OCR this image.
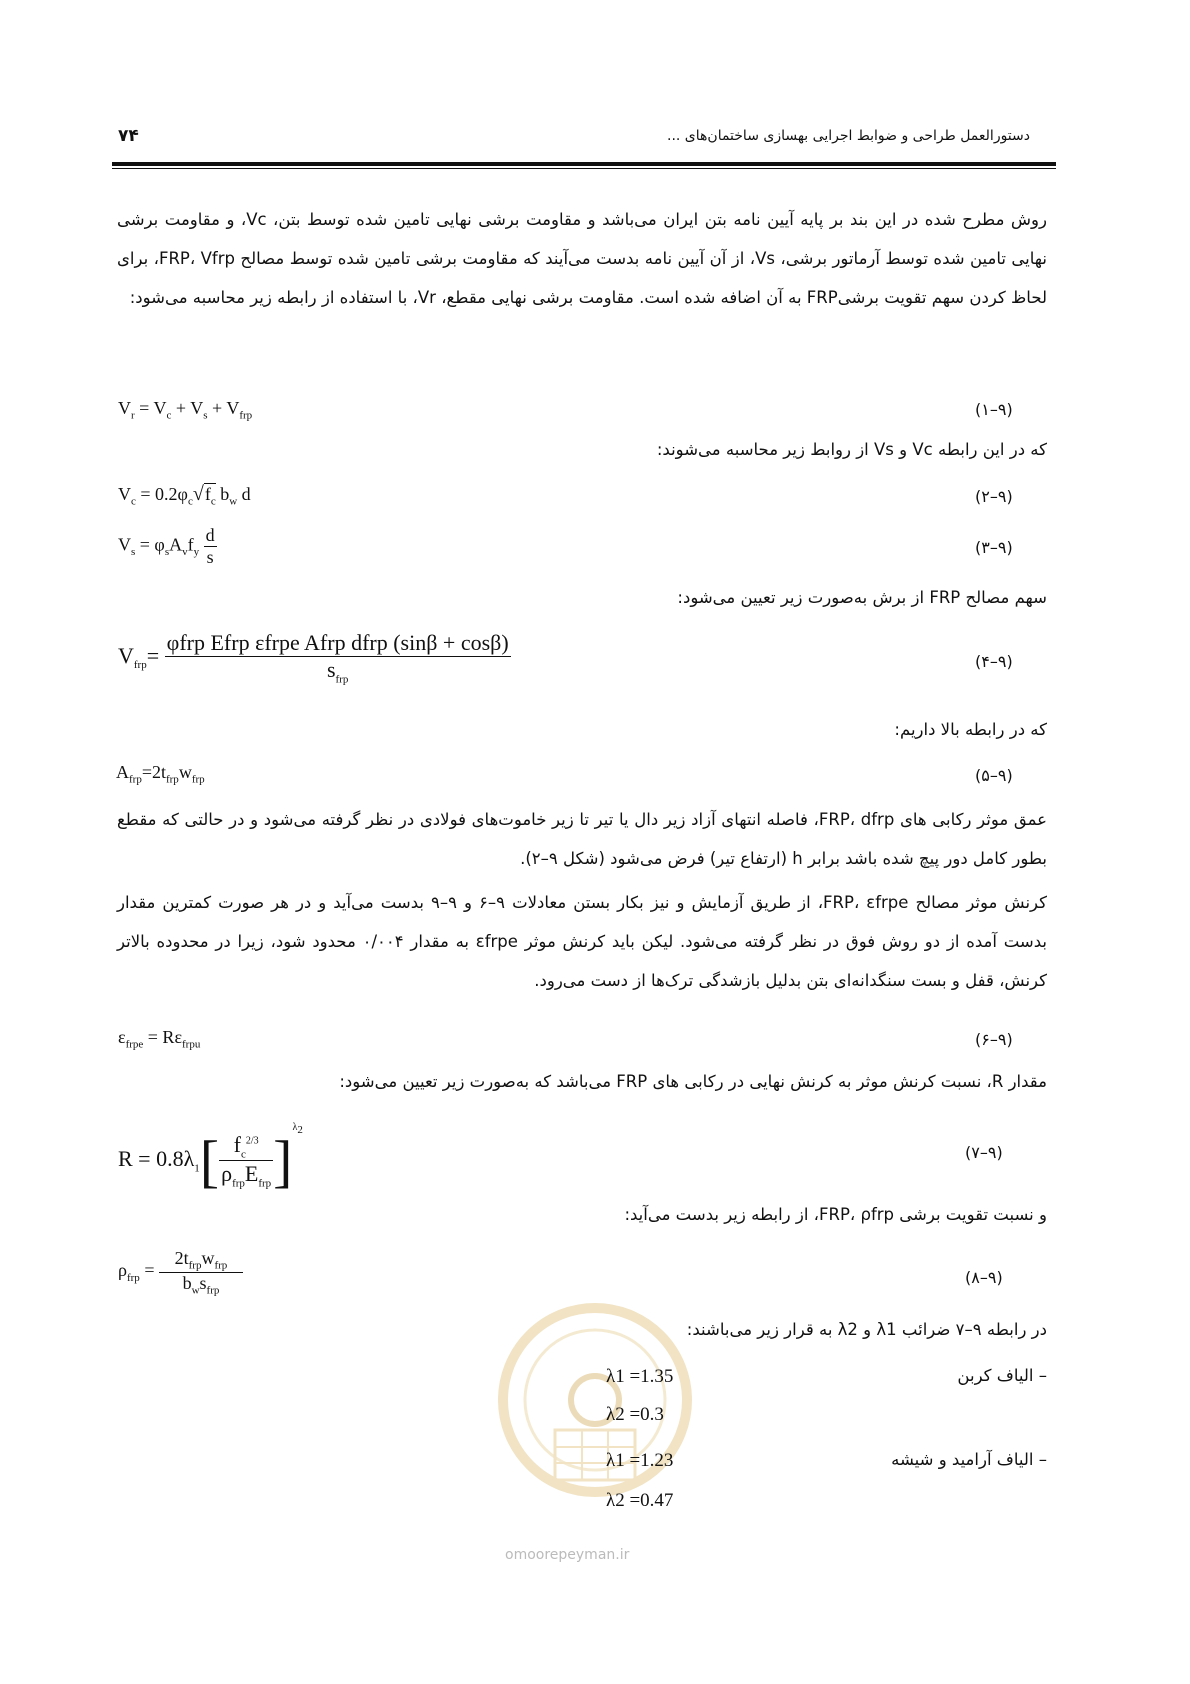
دستورالعمل طراحی و ضوابط اجرایی بهسازی ساختمان‌های ...
۷۴
روش مطرح شده در این بند بر پایه آیین نامه بتن ایران می‌باشد و مقاومت برشی نهایی تامین شده توسط بتن، Vc، و مقاومت برشی نهایی تامین شده توسط آرماتور برشی، Vs، از آن آیین نامه بدست می‌آیند که مقاومت برشی تامین شده توسط مصالح FRP، Vfrp، برای لحاظ کردن سهم تقویت برشیFRP به آن اضافه شده است. مقاومت برشی نهایی مقطع، Vr، با استفاده از رابطه زیر محاسبه می‌شود:
$V_r = V_c + V_s + V_{frp}$	(۹–۱)
که در این رابطه Vc و Vs از روابط زیر محاسبه می‌شوند:
$V_c = 0.2\varphi_c√f_c$ $b_w$ d	(۹–۲)
$V_s = \varphi_sA_vf_y \frac{d}{s}$	(۹–۳)
سهم مصالح FRP از برش به‌صورت زیر تعیین می‌شود:
$V_{frp}= \frac{\text{φfrp Efrp εfrpe Afrp dfrp (sinβ + cosβ)}}{s_{frp}}$	(۹–۴)
که در رابطه بالا داریم:
$A_{frp}=2t_{frp}w_{frp}$	(۹–۵)
عمق موثر رکابی های FRP، dfrp، فاصله انتهای آزاد زیر دال یا تیر تا زیر خاموت‌های فولادی در نظر گرفته می‌شود و در حالتی که مقطع بطور کامل دور پیچ شده باشد برابر h (ارتفاع تیر) فرض می‌شود (شکل ۹–۲).
کرنش موثر مصالح FRP، εfrpe، از طریق آزمایش و نیز بکار بستن معادلات ۹–۶ و ۹–۹ بدست می‌آید و در هر صورت کمترین مقدار بدست آمده از دو روش فوق در نظر گرفته می‌شود. لیکن باید کرنش موثر εfrpe به مقدار ۰/۰۰۴ محدود شود، زیرا در محدوده بالاتر کرنش، قفل و بست سنگدانه‌ای بتن بدلیل بازشدگی ترک‌ها از دست می‌رود.
$\varepsilon_{frpe} = R\varepsilon_{frpu}$	(۹–۶)
مقدار R، نسبت کرنش موثر به کرنش نهایی در رکابی های FRP می‌باشد که به‌صورت زیر تعیین می‌شود:
$R = 0.8\lambda_1[ \frac{f_c^{2/3}}{\rho_{frp}E_{frp}} ]^{\lambda_2}$
(۹–۷)
و نسبت تقویت برشی FRP، ρfrp، از رابطه زیر بدست می‌آید:
$\rho_{frp} = \frac{2t_{frp}w_{frp}}{b_ws_{frp}}$	(۹–۸)
در رابطه ۹–۷ ضرائب λ1 و λ2 به قرار زیر می‌باشند:
omoorepeyman.ir
– الیاف کربن
λ1 =1.35
λ2 =0.3
– الیاف آرامید و شیشه
λ1 =1.23
λ2 =0.47
